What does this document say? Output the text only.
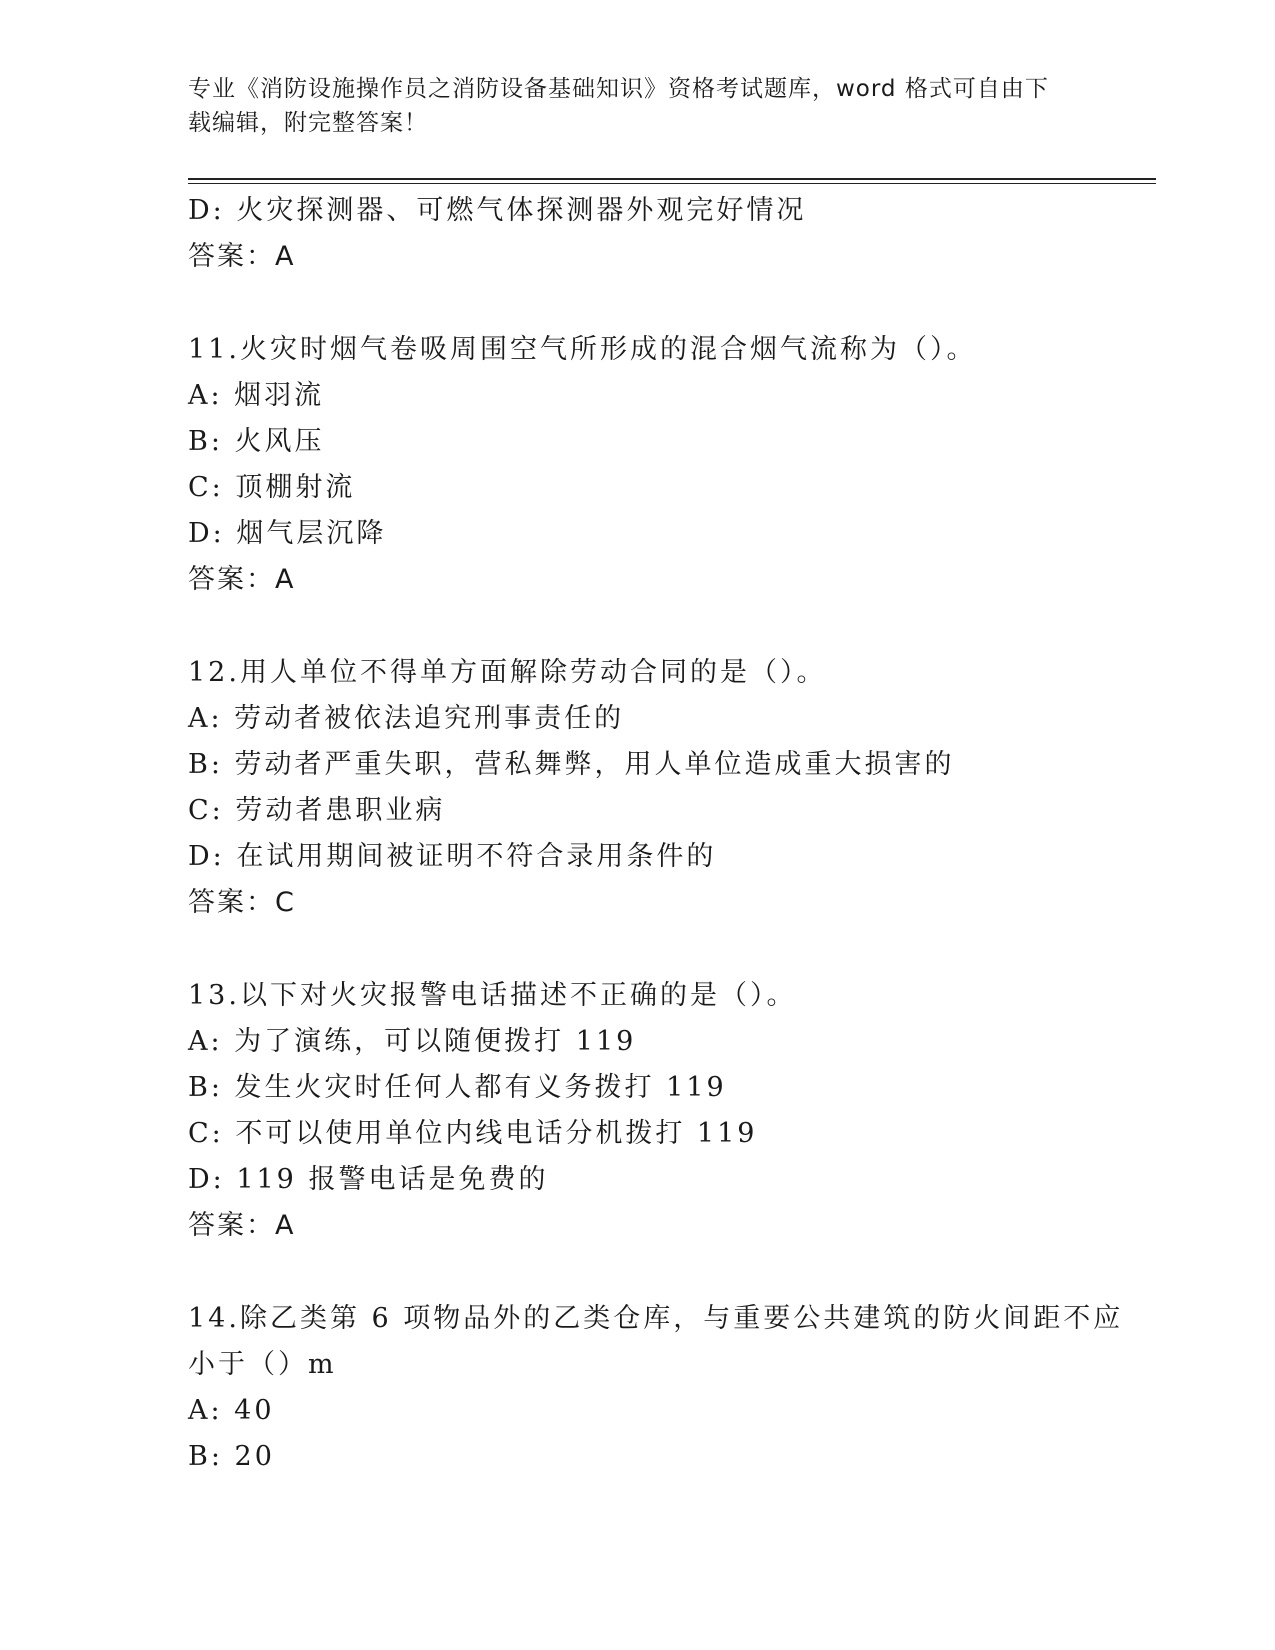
专业《消防设施操作员之消防设备基础知识》资格考试题库，word 格式可自由下
载编辑，附完整答案！
D: 火灾探测器、可燃气体探测器外观完好情况
答案：A
11.火灾时烟气卷吸周围空气所形成的混合烟气流称为（）。
A: 烟羽流
B: 火风压
C: 顶棚射流
D: 烟气层沉降
答案：A
12.用人单位不得单方面解除劳动合同的是（）。
A: 劳动者被依法追究刑事责任的
B: 劳动者严重失职，营私舞弊，用人单位造成重大损害的
C: 劳动者患职业病
D: 在试用期间被证明不符合录用条件的
答案：C
13.以下对火灾报警电话描述不正确的是（）。
A: 为了演练，可以随便拨打 119
B: 发生火灾时任何人都有义务拨打 119
C: 不可以使用单位内线电话分机拨打 119
D: 119 报警电话是免费的
答案：A
14.除乙类第 6 项物品外的乙类仓库，与重要公共建筑的防火间距不应
小于（）m
A: 40
B: 20
